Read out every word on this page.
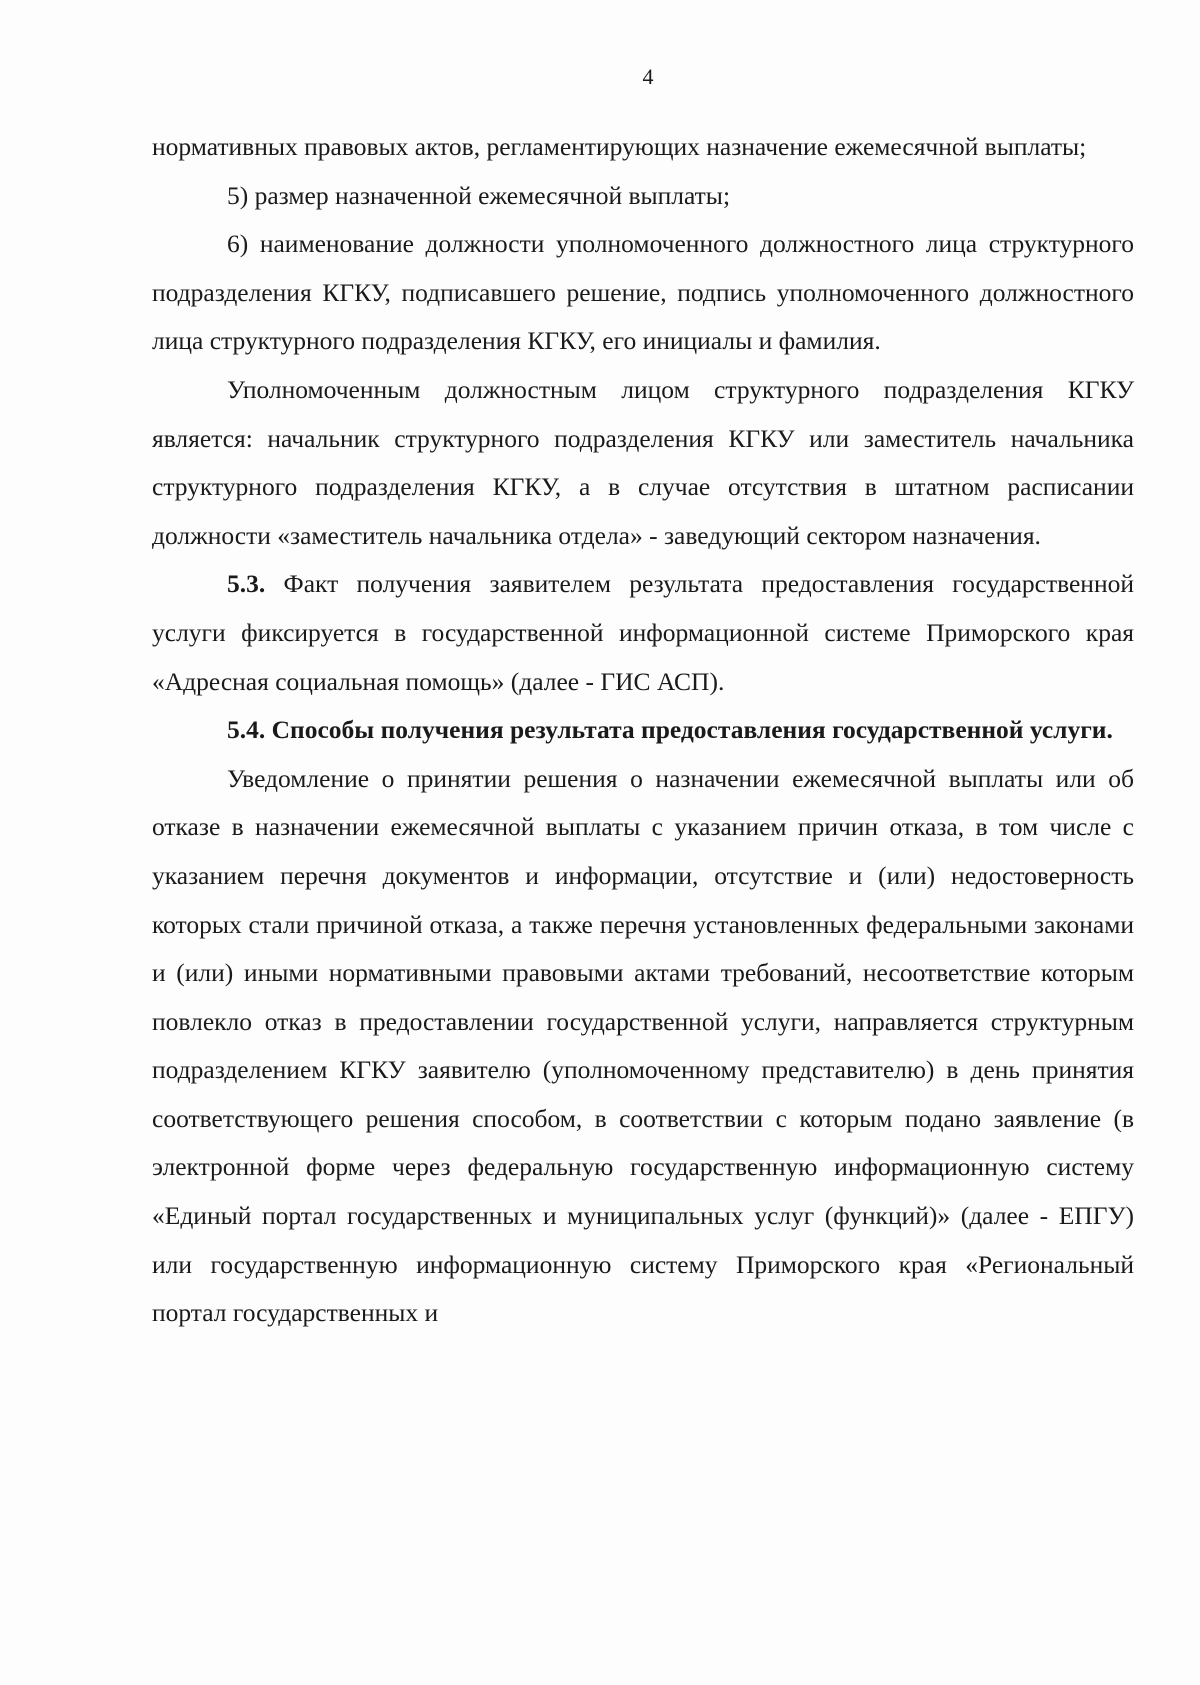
4

нормативных правовых актов, регламентирующих назначение ежемесячной выплаты;

5) размер назначенной ежемесячной выплаты;

6) наименование должности уполномоченного должностного лица структурного подразделения КГКУ, подписавшего решение, подпись уполномоченного должностного лица структурного подразделения КГКУ, его инициалы и фамилия.

Уполномоченным должностным лицом структурного подразделения КГКУ является: начальник структурного подразделения КГКУ или заместитель начальника структурного подразделения КГКУ, а в случае отсутствия в штатном расписании должности «заместитель начальника отдела» - заведующий сектором назначения.

5.3. Факт получения заявителем результата предоставления государственной услуги фиксируется в государственной информационной системе Приморского края «Адресная социальная помощь» (далее - ГИС АСП).

5.4. Способы получения результата предоставления государственной услуги.

Уведомление о принятии решения о назначении ежемесячной выплаты или об отказе в назначении ежемесячной выплаты с указанием причин отказа, в том числе с указанием перечня документов и информации, отсутствие и (или) недостоверность которых стали причиной отказа, а также перечня установленных федеральными законами и (или) иными нормативными правовыми актами требований, несоответствие которым повлекло отказ в предоставлении государственной услуги, направляется структурным подразделением КГКУ заявителю (уполномоченному представителю) в день принятия соответствующего решения способом, в соответствии с которым подано заявление (в электронной форме через федеральную государственную информационную систему «Единый портал государственных и муниципальных услуг (функций)» (далее - ЕПГУ) или государственную информационную систему Приморского края «Региональный портал государственных и
